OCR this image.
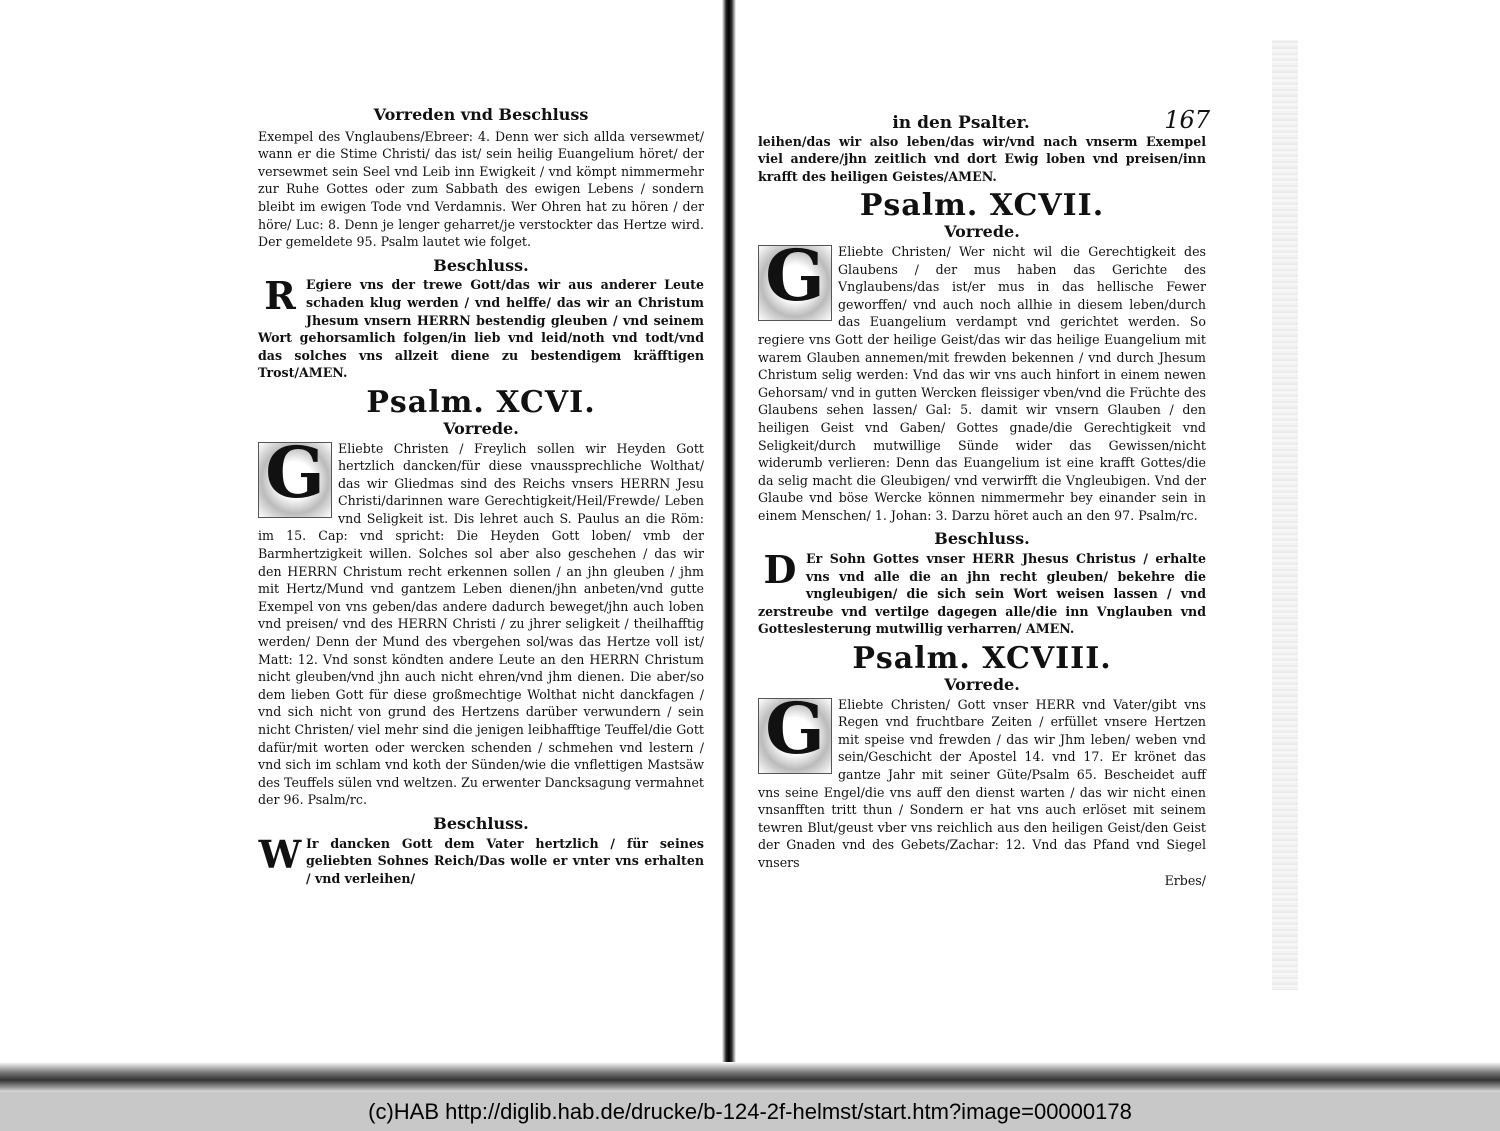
Vorreden vnd Beschluss

Exempel des Vnglaubens/Ebreer: 4. Denn wer sich allda versewmet/ wann er die Stime Christi/ das ist/ sein heilig Euangelium höret/ der versewmet sein Seel vnd Leib inn Ewigkeit / vnd kömpt nimmermehr zur Ruhe Gottes oder zum Sabbath des ewigen Lebens / sondern bleibt im ewigen Tode vnd Verdamnis. Wer Ohren hat zu hören / der höre/ Luc: 8. Denn je lenger geharret/je verstockter das Hertze wird. Der gemeldete 95. Psalm lautet wie folget.

Beschluss.
R Egiere vns der trewe Gott/das wir aus anderer Leute schaden klug werden / vnd helffe/ das wir an Christum Jhesum vnsern HERRN bestendig gleuben / vnd seinem Wort gehorsamlich folgen/in lieb vnd leid/noth vnd todt/vnd das solches vns allzeit diene zu bestendigem kräfftigen Trost/AMEN.

Psalm. XCVI.
Vorrede.
G	Eliebte Christen / Freylich sollen wir Heyden Gott hertzlich dancken/für diese vnaussprechliche Wolthat/ das wir Gliedmas sind des Reichs vnsers HERRN Jesu Christi/darinnen ware Gerechtigkeit/Heil/Frewde/ Leben vnd Seligkeit ist. Dis lehret auch S. Paulus an die Röm: im 15. Cap: vnd spricht: Die Heyden Gott loben/ vmb der Barmhertzigkeit willen. Solches sol aber also geschehen / das wir den HERRN Christum recht erkennen sollen / an jhn gleuben / jhm mit Hertz/Mund vnd gantzem Leben dienen/jhn anbeten/vnd gutte Exempel von vns geben/das andere dadurch beweget/jhn auch loben vnd preisen/ vnd des HERRN Christi / zu jhrer seligkeit / theilhafftig werden/ Denn der Mund des vbergehen sol/was das Hertze voll ist/ Matt: 12. Vnd sonst köndten andere Leute an den HERRN Christum nicht gleuben/vnd jhn auch nicht ehren/vnd jhm dienen. Die aber/so dem lieben Gott für diese großmechtige Wolthat nicht danckfagen / vnd sich nicht von grund des Hertzens darüber verwundern / sein nicht Christen/ viel mehr sind die jenigen leibhafftige Teuffel/die Gott dafür/mit worten oder wercken schenden / schmehen vnd lestern / vnd sich im schlam vnd koth der Sünden/wie die vnflettigen Mastsäw des Teuffels sülen vnd weltzen. Zu erwenter Dancksagung vermahnet der 96. Psalm/rc.

Beschluss.
W Ir dancken Gott dem Vater hertzlich / für seines geliebten Sohnes Reich/Das wolle er vnter vns erhalten / vnd verleihen/

in den Psalter.	167

leihen/das wir also leben/das wir/vnd nach vnserm Exempel viel andere/jhn zeitlich vnd dort Ewig loben vnd preisen/inn krafft des heiligen Geistes/AMEN.

Psalm. XCVII.
Vorrede.
G	Eliebte Christen/ Wer nicht wil die Gerechtigkeit des Glaubens / der mus haben das Gerichte des Vnglaubens/das ist/er mus in das hellische Fewer geworffen/ vnd auch noch allhie in diesem leben/durch das Euangelium verdampt vnd gerichtet werden. So regiere vns Gott der heilige Geist/das wir das heilige Euangelium mit warem Glauben annemen/mit frewden bekennen / vnd durch Jhesum Christum selig werden: Vnd das wir vns auch hinfort in einem newen Gehorsam/ vnd in gutten Wercken fleissiger vben/vnd die Früchte des Glaubens sehen lassen/ Gal: 5. damit wir vnsern Glauben / den heiligen Geist vnd Gaben/ Gottes gnade/die Gerechtigkeit vnd Seligkeit/durch mutwillige Sünde wider das Gewissen/nicht widerumb verlieren: Denn das Euangelium ist eine krafft Gottes/die da selig macht die Gleubigen/ vnd verwirfft die Vngleubigen. Vnd der Glaube vnd böse Wercke können nimmermehr bey einander sein in einem Menschen/ 1. Johan: 3. Darzu höret auch an den 97. Psalm/rc.

Beschluss.
D Er Sohn Gottes vnser HERR Jhesus Christus / erhalte vns vnd alle die an jhn recht gleuben/ bekehre die vngleubigen/ die sich sein Wort weisen lassen / vnd zerstreube vnd vertilge dagegen alle/die inn Vnglauben vnd Gotteslesterung mutwillig verharren/ AMEN.

Psalm. XCVIII.
Vorrede.
G	Eliebte Christen/ Gott vnser HERR vnd Vater/gibt vns Regen vnd fruchtbare Zeiten / erfüllet vnsere Hertzen mit speise vnd frewden / das wir Jhm leben/ weben vnd sein/Geschicht der Apostel 14. vnd 17. Er krönet das gantze Jahr mit seiner Güte/Psalm 65. Bescheidet auff vns seine Engel/die vns auff den dienst warten / das wir nicht einen vnsanfften tritt thun / Sondern er hat vns auch erlöset mit seinem tewren Blut/geust vber vns reichlich aus den heiligen Geist/den Geist der Gnaden vnd des Gebets/Zachar: 12. Vnd das Pfand vnd Siegel vnsers

Erbes/
(c)HAB http://diglib.hab.de/drucke/b-124-2f-helmst/start.htm?image=00000178
